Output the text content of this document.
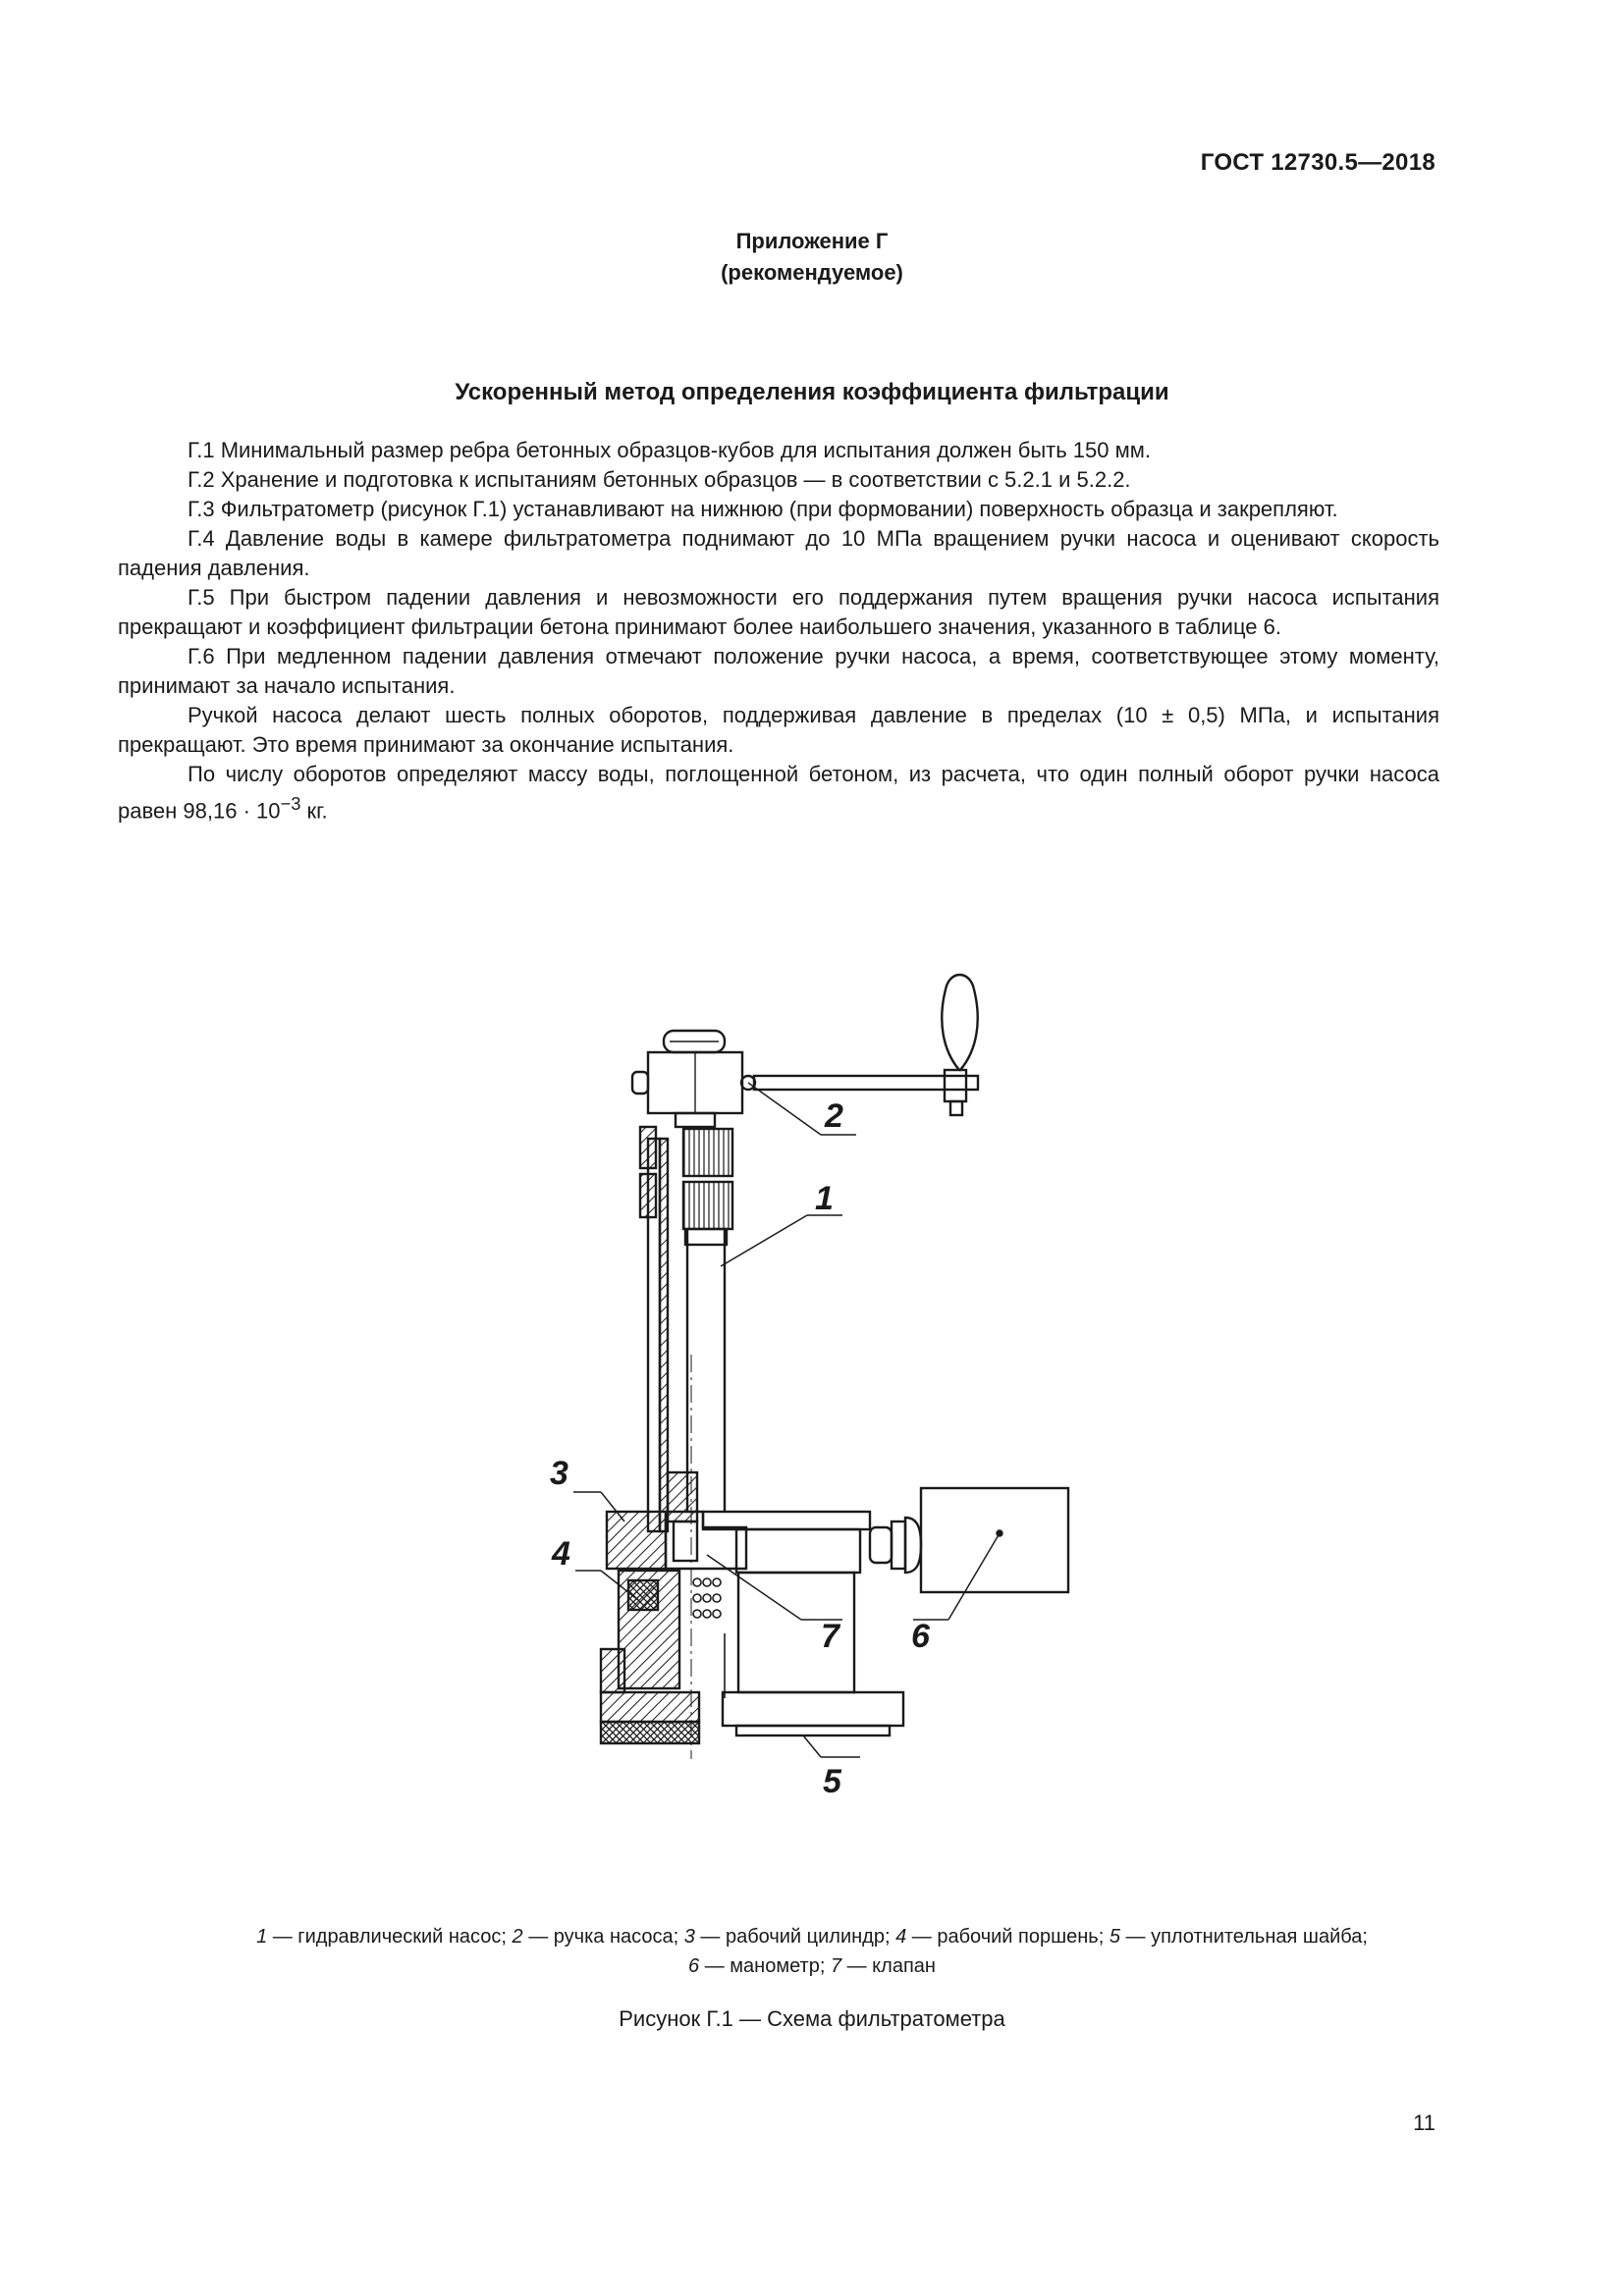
ГОСТ 12730.5—2018
Приложение Г
(рекомендуемое)
Ускоренный метод определения коэффициента фильтрации

Г.1 Минимальный размер ребра бетонных образцов-кубов для испытания должен быть 150 мм.

Г.2 Хранение и подготовка к испытаниям бетонных образцов — в соответствии с 5.2.1 и 5.2.2.

Г.3 Фильтратометр (рисунок Г.1) устанавливают на нижнюю (при формовании) поверхность образца и закрепляют.

Г.4 Давление воды в камере фильтратометра поднимают до 10 МПа вращением ручки насоса и оценивают скорость падения давления.

Г.5 При быстром падении давления и невозможности его поддержания путем вращения ручки насоса испытания прекращают и коэффициент фильтрации бетона принимают более наибольшего значения, указанного в таблице 6.

Г.6 При медленном падении давления отмечают положение ручки насоса, а время, соответствующее этому моменту, принимают за начало испытания.

Ручкой насоса делают шесть полных оборотов, поддерживая давление в пределах (10 ± 0,5) МПа, и испытания прекращают. Это время принимают за окончание испытания.

По числу оборотов определяют массу воды, поглощенной бетоном, из расчета, что один полный оборот ручки насоса равен $98,16 \cdot 10^{-3}$ кг.

2
1
3
4
7 6
5
1 — гидравлический насос; 2 — ручка насоса; 3 — рабочий цилиндр; 4 — рабочий поршень; 5 — уплотнительная шайба;
6 — манометр; 7 — клапан
Рисунок Г.1 — Схема фильтратометра
11
